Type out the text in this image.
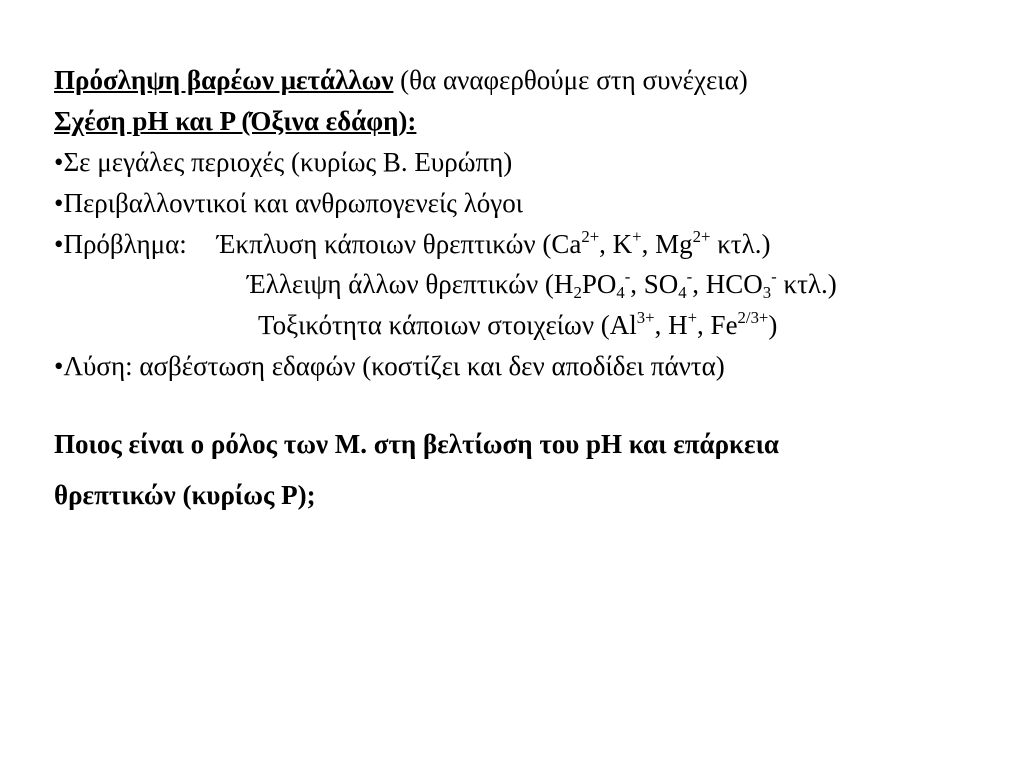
Πρόσληψη βαρέων μετάλλων (θα αναφερθούμε στη συνέχεια)
Σχέση pH και P (Όξινα εδάφη):
•Σε μεγάλες περιοχές (κυρίως Β. Ευρώπη)
•Περιβαλλοντικοί και ανθρωπογενείς λόγοι
•Πρόβλημα: Έκπλυση κάποιων θρεπτικών ($Ca^{2+}$, K+, $Mg^{2+}$ κτλ.)
Έλλειψη άλλων θρεπτικών ($H_2PO_4^-$, $SO_4^-$, $HCO_3^-$ κτλ.)
Τοξικότητα κάποιων στοιχείων ($Al^{3+}$, H+, $Fe^{2/3+}$)
•Λύση: ασβέστωση εδαφών (κοστίζει και δεν αποδίδει πάντα)
Ποιος είναι ο ρόλος των Μ. στη βελτίωση του pH και επάρκεια
θρεπτικών (κυρίως P);
